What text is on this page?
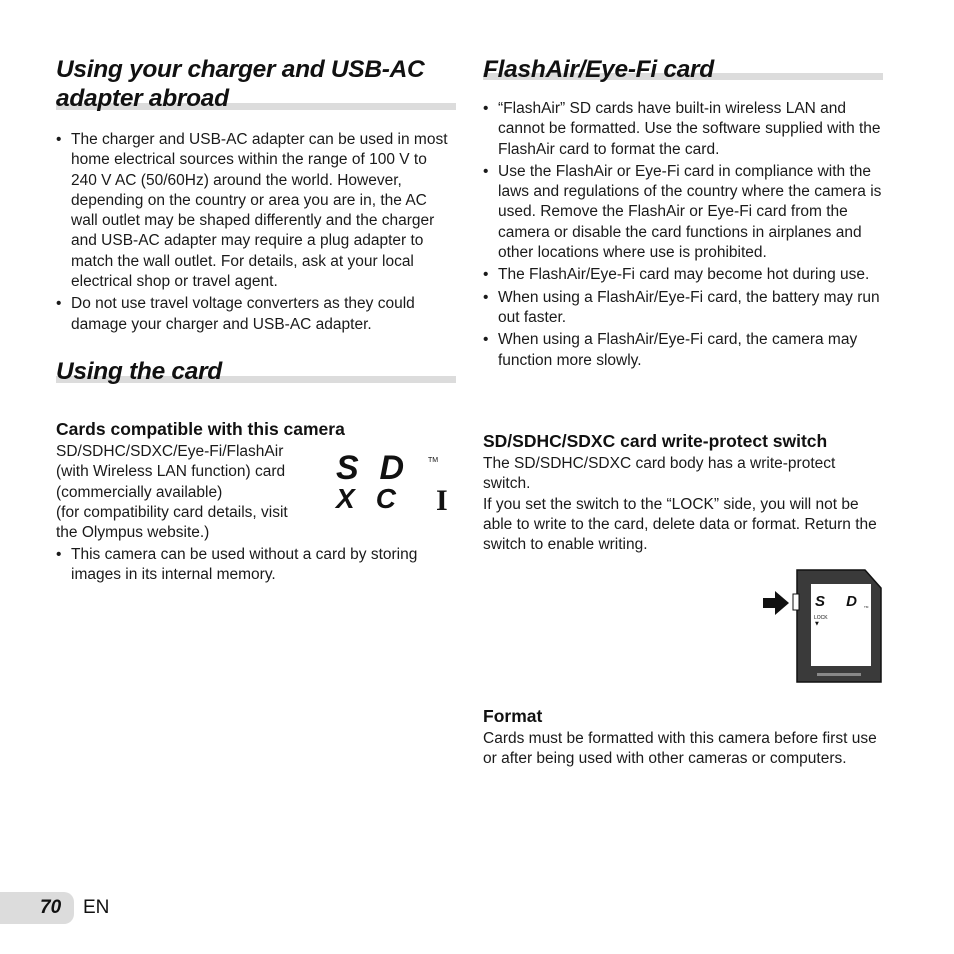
Using your charger and USB-AC
adapter abroad
• The charger and USB-AC adapter can be used in most home electrical sources within the range of 100 V to 240 V AC (50/60Hz) around the world. However, depending on the country or area you are in, the AC wall outlet may be shaped differently and the charger and USB-AC adapter may require a plug adapter to match the wall outlet. For details, ask at your local electrical shop or travel agent.
• Do not use travel voltage converters as they could damage your charger and USB-AC adapter.
Using the card
Cards compatible with this camera
SD/SDHC/SDXC/Eye-Fi/FlashAir
(with Wireless LAN function) card
(commercially available)
(for compatibility card details, visit
the Olympus website.)
SD	TM
XC I
• This camera can be used without a card by storing images in its internal memory.
FlashAir/Eye-Fi card
• “FlashAir” SD cards have built-in wireless LAN and cannot be formatted. Use the software supplied with the FlashAir card to format the card.
• Use the FlashAir or Eye-Fi card in compliance with the laws and regulations of the country where the camera is used. Remove the FlashAir or Eye-Fi card from the camera or disable the card functions in airplanes and other locations where use is prohibited.
• The FlashAir/Eye-Fi card may become hot during use.
• When using a FlashAir/Eye-Fi card, the battery may run out faster.
• When using a FlashAir/Eye-Fi card, the camera may function more slowly.
SD/SDHC/SDXC card write-protect switch
The SD/SDHC/SDXC card body has a write-protect switch.
If you set the switch to the “LOCK” side, you will not be able to write to the card, delete data or format. Return the switch to enable writing.
SD TM
LOCK
▼
Format
Cards must be formatted with this camera before first use or after being used with other cameras or computers.
70 EN
